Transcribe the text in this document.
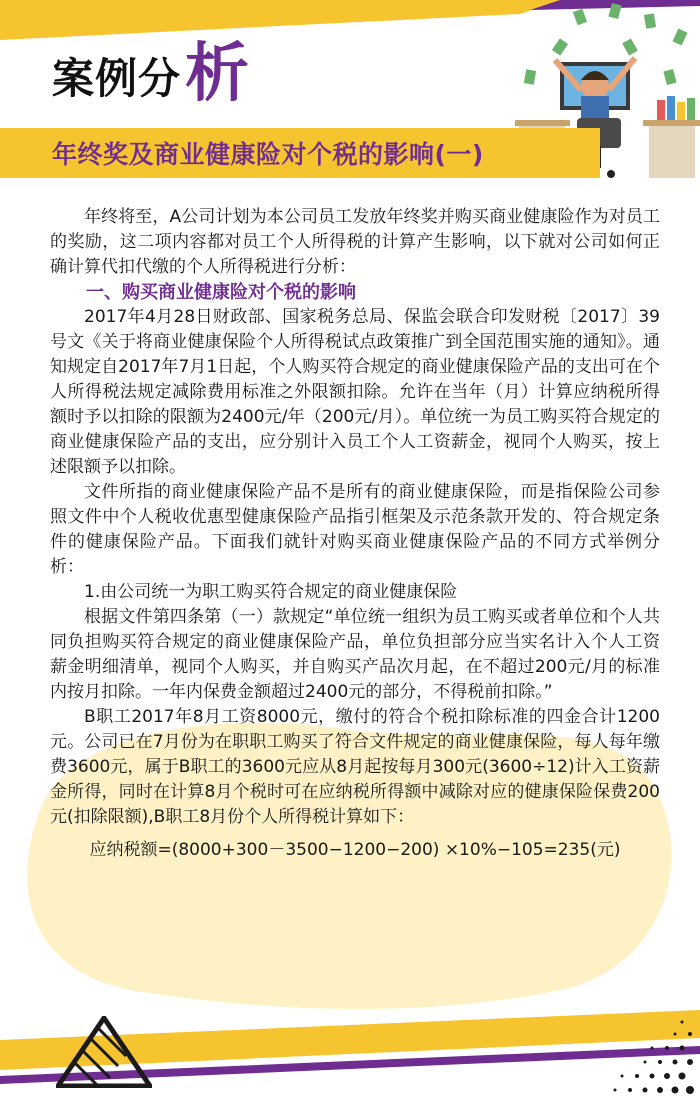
案例分析
年终奖及商业健康险对个税的影响(一)

年终将至，A公司计划为本公司员工发放年终奖并购买商业健康险作为对员工的奖励，这二项内容都对员工个人所得税的计算产生影响，以下就对公司如何正确计算代扣代缴的个人所得税进行分析：

一、购买商业健康险对个税的影响

2017年4月28日财政部、国家税务总局、保监会联合印发财税〔2017〕39号文《关于将商业健康保险个人所得税试点政策推广到全国范围实施的通知》。通知规定自2017年7月1日起，个人购买符合规定的商业健康保险产品的支出可在个人所得税法规定减除费用标准之外限额扣除。允许在当年（月）计算应纳税所得额时予以扣除的限额为2400元/年（200元/月）。单位统一为员工购买符合规定的商业健康保险产品的支出，应分别计入员工个人工资薪金，视同个人购买，按上述限额予以扣除。

文件所指的商业健康保险产品不是所有的商业健康保险，而是指保险公司参照文件中个人税收优惠型健康保险产品指引框架及示范条款开发的、符合规定条件的健康保险产品。下面我们就针对购买商业健康保险产品的不同方式举例分析：

1.由公司统一为职工购买符合规定的商业健康保险

根据文件第四条第（一）款规定“单位统一组织为员工购买或者单位和个人共同负担购买符合规定的商业健康保险产品，单位负担部分应当实名计入个人工资薪金明细清单，视同个人购买，并自购买产品次月起，在不超过200元/月的标准内按月扣除。一年内保费金额超过2400元的部分，不得税前扣除。”

B职工2017年8月工资8000元，缴付的符合个税扣除标准的四金合计1200元。公司已在7月份为在职职工购买了符合文件规定的商业健康保险，每人每年缴费3600元，属于B职工的3600元应从8月起按每月300元(3600÷12)计入工资薪金所得，同时在计算8月个税时可在应纳税所得额中减除对应的健康保险保费200元(扣除限额),B职工8月份个人所得税计算如下：

应纳税额=(8000+300－3500−1200−200) ×10%−105=235(元)
